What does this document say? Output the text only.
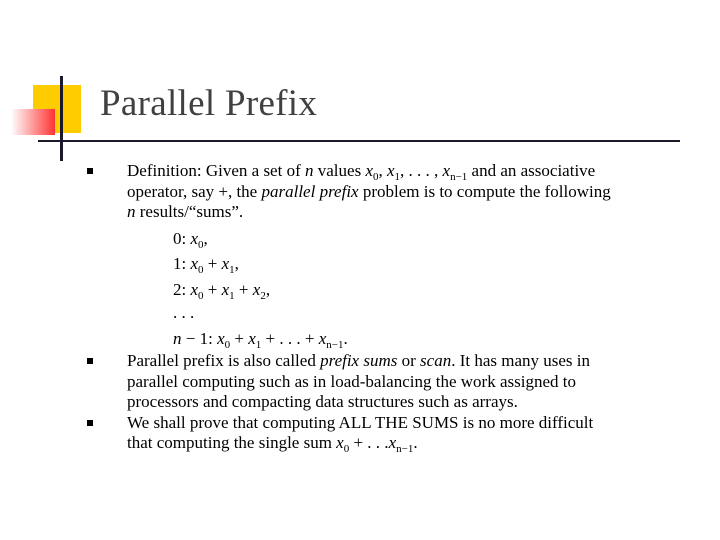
Parallel Prefix
Definition: Given a set of n values $x_0$, $x_1$, . . . , $x_{n-1}$ and an associative
operator, say +, the parallel prefix problem is to compute the following
n results/“sums”.
0: $x_0$,
1: $x_0 + x_1$,
2: $x_0 + x_1 + x_2$,
. . .
n − 1: $x_0 + x_1$ + . . . + $x_{n-1}$.
Parallel prefix is also called prefix sums or scan. It has many uses in
parallel computing such as in load-balancing the work assigned to
processors and compacting data structures such as arrays.
We shall prove that computing ALL THE SUMS is no more difficult
that computing the single sum $x_0$ + . . $.x_{n-1}$.
